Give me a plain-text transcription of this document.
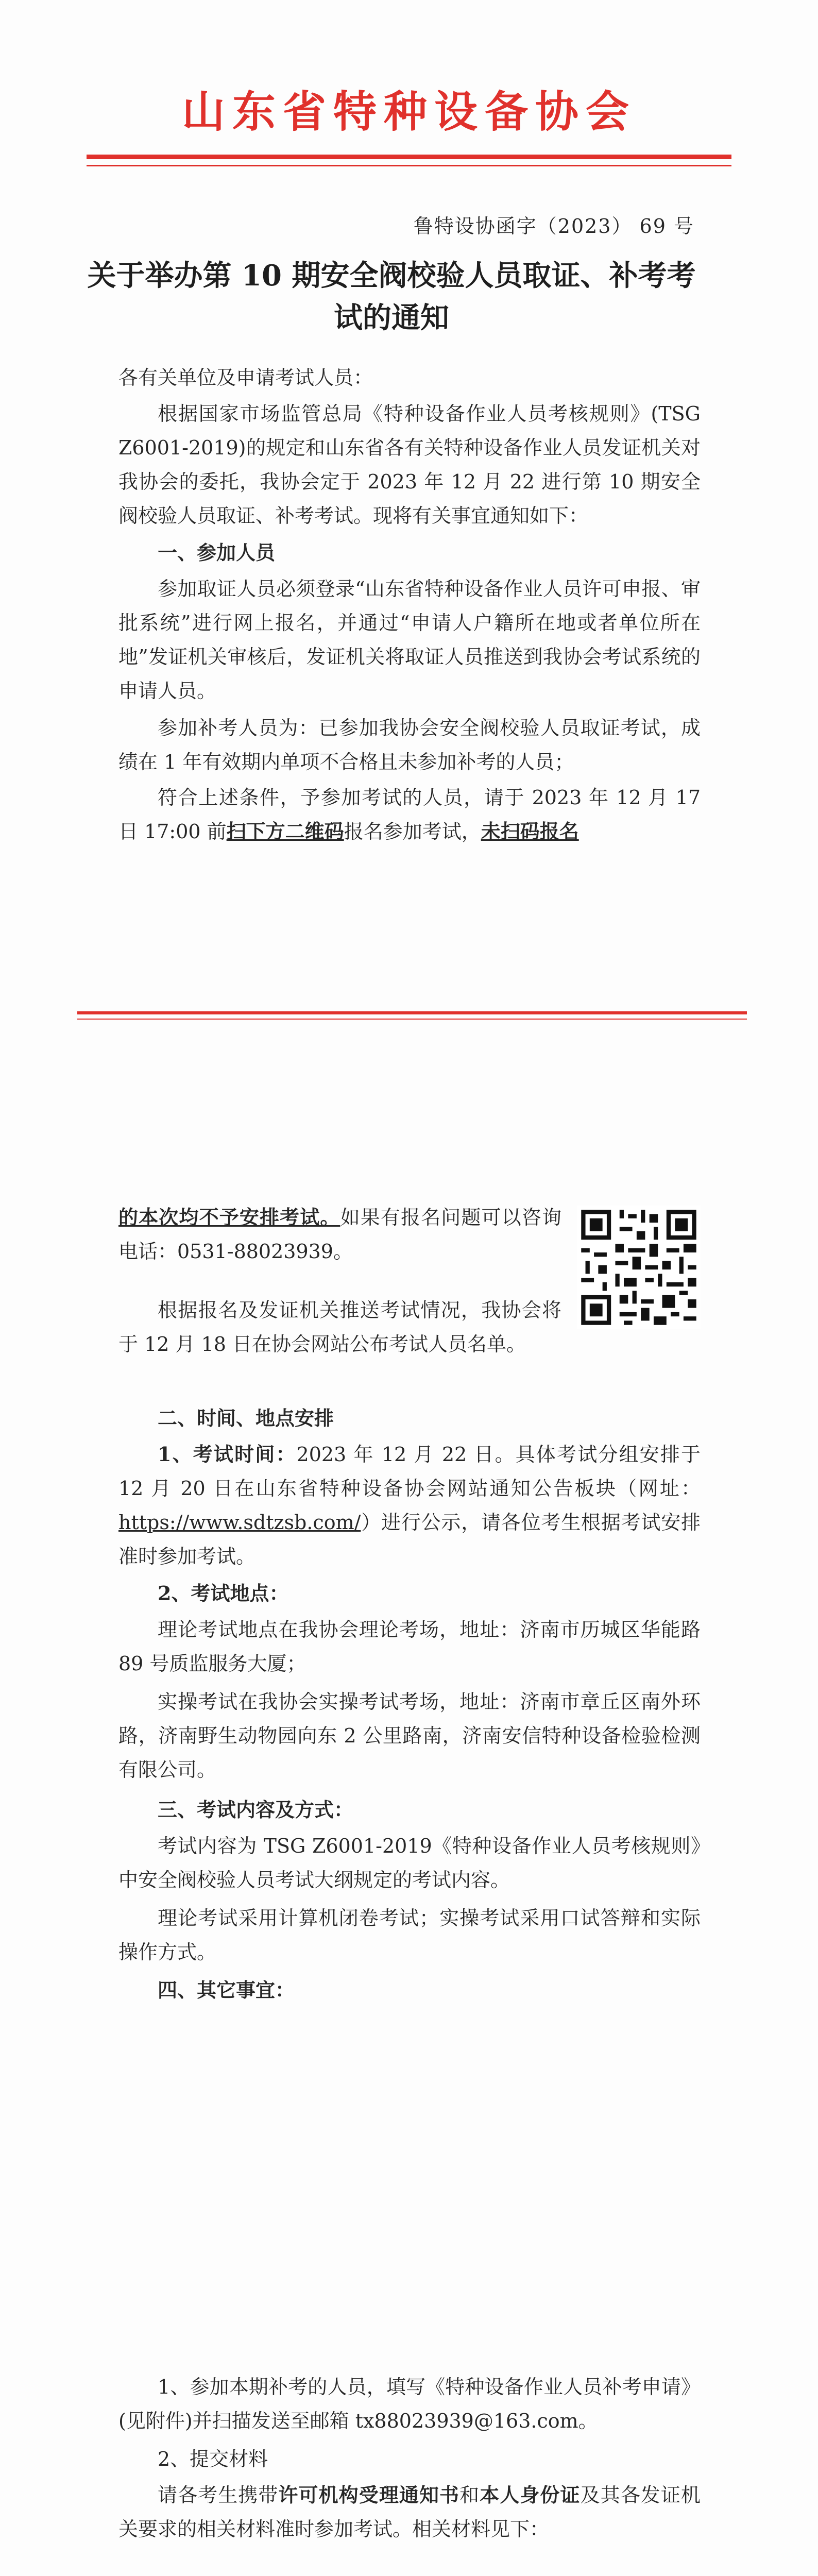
山东省特种设备协会
鲁特设协函字（2023） 69 号
关于举办第 10 期安全阀校验人员取证、补考考试的通知
各有关单位及申请考试人员：
根据国家市场监管总局《特种设备作业人员考核规则》(TSG Z6001-2019)的规定和山东省各有关特种设备作业人员发证机关对我协会的委托，我协会定于 2023 年 12 月 22 进行第 10 期安全阀校验人员取证、补考考试。现将有关事宜通知如下：
一、参加人员
参加取证人员必须登录“山东省特种设备作业人员许可申报、审批系统”进行网上报名，并通过“申请人户籍所在地或者单位所在地”发证机关审核后，发证机关将取证人员推送到我协会考试系统的申请人员。
参加补考人员为：已参加我协会安全阀校验人员取证考试，成绩在 1 年有效期内单项不合格且未参加补考的人员；
符合上述条件，予参加考试的人员，请于 2023 年 12 月 17 日 17:00 前扫下方二维码报名参加考试，未扫码报名
的本次均不予安排考试。如果有报名问题可以咨询电话：0531-88023939。
根据报名及发证机关推送考试情况，我协会将于 12 月 18 日在协会网站公布考试人员名单。
二、时间、地点安排
1、考试时间：2023 年 12 月 22 日。具体考试分组安排于 12 月 20 日在山东省特种设备协会网站通知公告板块（网址：https://www.sdtzsb.com/）进行公示，请各位考生根据考试安排准时参加考试。
2、考试地点：
理论考试地点在我协会理论考场，地址：济南市历城区华能路 89 号质监服务大厦；
实操考试在我协会实操考试考场，地址：济南市章丘区南外环路，济南野生动物园向东 2 公里路南，济南安信特种设备检验检测有限公司。
三、考试内容及方式：
考试内容为 TSG Z6001-2019《特种设备作业人员考核规则》中安全阀校验人员考试大纲规定的考试内容。
理论考试采用计算机闭卷考试；实操考试采用口试答辩和实际操作方式。
四、其它事宜：
1、参加本期补考的人员，填写《特种设备作业人员补考申请》(见附件)并扫描发送至邮箱 tx88023939@163.com。
2、提交材料
请各考生携带许可机构受理通知书和本人身份证及其各发证机关要求的相关材料准时参加考试。相关材料见下：
